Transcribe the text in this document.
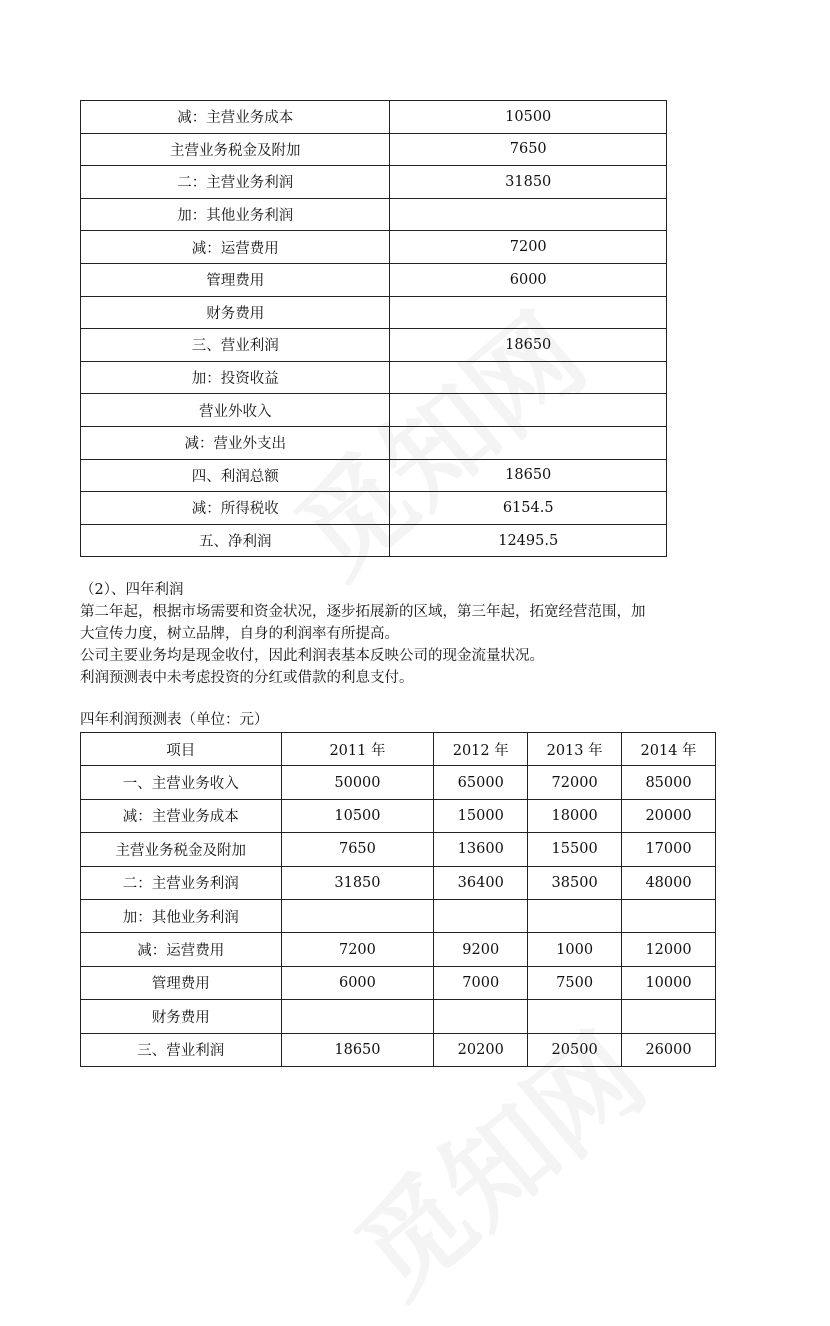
减：主营业务成本	10500
主营业务税金及附加	7650
二：主营业务利润	31850
加：其他业务利润	
减：运营费用	7200
管理费用	6000
财务费用	
三、营业利润	18650
加：投资收益	
营业外收入	
减：营业外支出	
四、利润总额	18650
减：所得税收	6154.5
五、净利润	12495.5
（2）、四年利润
第二年起，根据市场需要和资金状况，逐步拓展新的区域，第三年起，拓宽经营范围，加
大宣传力度，树立品牌，自身的利润率有所提高。
公司主要业务均是现金收付，因此利润表基本反映公司的现金流量状况。
利润预测表中未考虑投资的分红或借款的利息支付。
四年利润预测表（单位：元）
项目	2011 年	2012 年	2013 年	2014 年
一、主营业务收入	50000	65000	72000	85000
减：主营业务成本	10500	15000	18000	20000
主营业务税金及附加	7650	13600	15500	17000
二：主营业务利润	31850	36400	38500	48000
加：其他业务利润				
减：运营费用	7200	9200	1000	12000
管理费用	6000	7000	7500	10000
财务费用				
三、营业利润	18650	20200	20500	26000
